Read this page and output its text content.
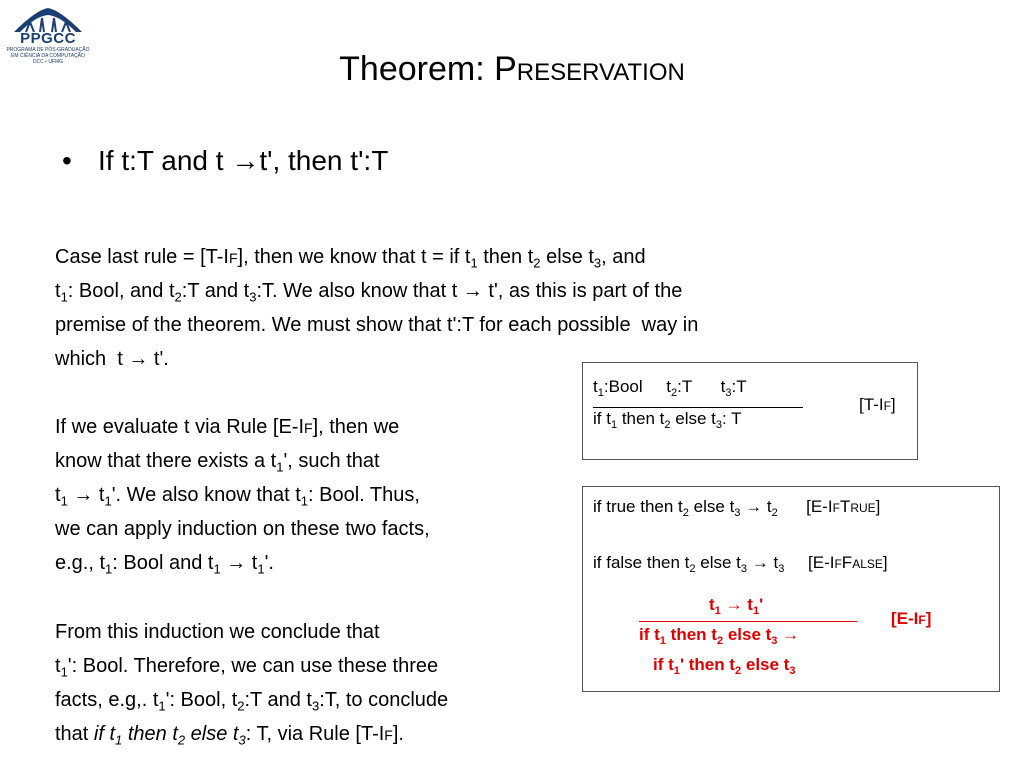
PPGCC
PROGRAMA DE PÓS-GRADUAÇÃO EM CIÊNCIA DA COMPUTAÇÃO DCC • UFMG	Theorem: Preservation
• If t:T and t →t', then t':T
Case last rule = [T-If], then we know that t = if $t_1$ then $t_2$ else $t_3$, and
$t_1$: Bool, and $t_2:T$ and $t_3:T$. We also know that t → t', as this is part of the
premise of the theorem. We must show that t':T for each possible  way in
which  t → t'.
If we evaluate t via Rule [E-If], then we
know that there exists a $t_1'$, such that
$t_1 \to t_1'$. We also know that $t_1$: Bool. Thus,
we can apply induction on these two facts,
e.g., $t_1$: Bool and $t_1 \to t_1'$.
From this induction we conclude that
$t_1'$: Bool. Therefore, we can use these three
facts, e.g,. $t_1'$: Bool, $t_2:T$ and $t_3:T$, to conclude
that if $t_1$ then $t_2$ else $t_3$: T, via Rule [T-If].
$t_1:Bool$     $t_2:T$      $t_3:T$
if $t_1$ then $t_2$ else $t_3$: T
[T-If]
if true then $t_2$ else $t_3 \to t_2$      [E-IfTrue]
if false then $t_2$ else $t_3 \to t_3$     [E-IfFalse]
$t_1 \to t_1'$
if $t_1$ then $t_2$ else $t_3$ →
if $t_1'$ then $t_2$ else $t_3$
[E-If]
